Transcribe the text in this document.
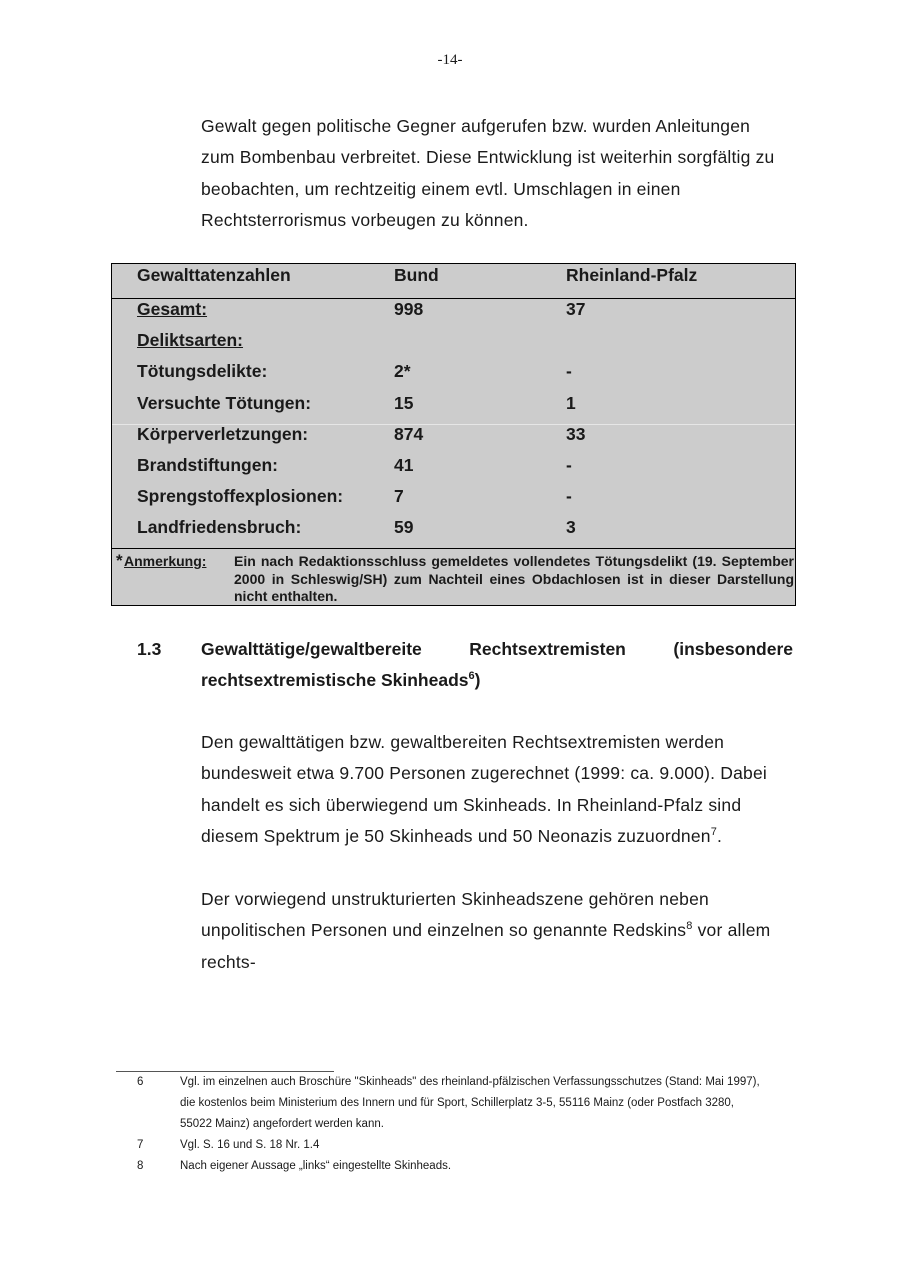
-14-
Gewalt gegen politische Gegner aufgerufen bzw. wurden Anleitungen
zum Bombenbau verbreitet. Diese Entwicklung ist weiterhin sorgfältig zu
beobachten, um rechtzeitig einem evtl. Umschlagen in einen
Rechtsterrorismus vorbeugen zu können.
Gewalttatenzahlen	Bund	Rheinland-Pfalz
Gesamt:	998	37
Deliktsarten:
Tötungsdelikte:	2*	-
Versuchte Tötungen:	15	1
Körperverletzungen:	874	33
Brandstiftungen:	41	-
Sprengstoffexplosionen:	7	-
Landfriedensbruch:	59	3
* Anmerkung: Ein nach Redaktionsschluss gemeldetes vollendetes Tötungsdelikt (19. September 2000 in Schleswig/SH) zum Nachteil eines Obdachlosen ist in dieser Darstellung nicht enthalten.
1.3 Gewalttätige/gewaltbereite Rechtsextremisten (insbesondere rechtsextremistische Skinheads$^6$)
Den gewalttätigen bzw. gewaltbereiten Rechtsextremisten werden
bundesweit etwa 9.700 Personen zugerechnet (1999: ca. 9.000). Dabei
handelt es sich überwiegend um Skinheads. In Rheinland-Pfalz sind
diesem Spektrum je 50 Skinheads und 50 Neonazis zuzuordnen$^7$.
Der vorwiegend unstrukturierten Skinheadszene gehören neben
unpolitischen Personen und einzelnen so genannte Redskins$^8$ vor allem
rechts-
6	Vgl. im einzelnen auch Broschüre "Skinheads" des rheinland-pfälzischen Verfassungsschutzes (Stand: Mai 1997),
die kostenlos beim Ministerium des Innern und für Sport, Schillerplatz 3-5, 55116 Mainz (oder Postfach 3280,
55022 Mainz) angefordert werden kann.
7	Vgl. S. 16 und S. 18 Nr. 1.4
8	Nach eigener Aussage „links“ eingestellte Skinheads.
